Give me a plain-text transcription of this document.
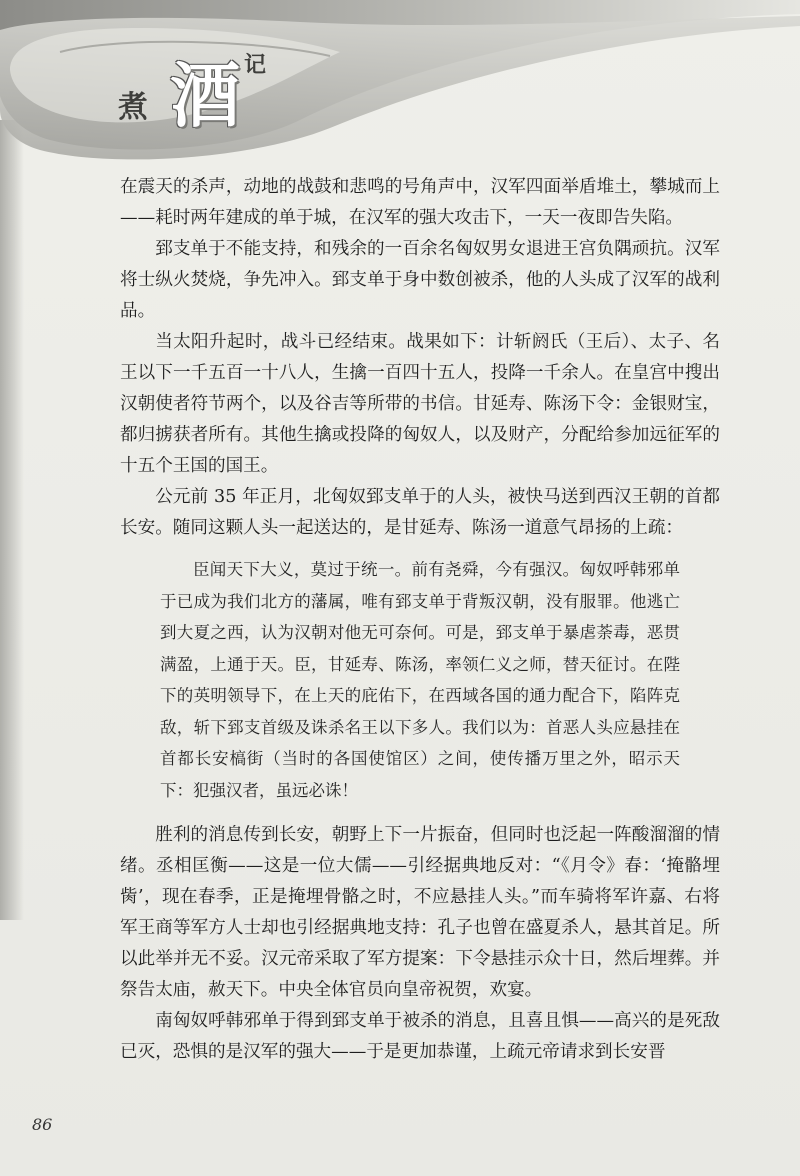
煮 酒 记

在震天的杀声，动地的战鼓和悲鸣的号角声中，汉军四面举盾堆土，攀城而上——耗时两年建成的单于城，在汉军的强大攻击下，一天一夜即告失陷。

郅支单于不能支持，和残余的一百余名匈奴男女退进王宫负隅顽抗。汉军将士纵火焚烧，争先冲入。郅支单于身中数创被杀，他的人头成了汉军的战利品。

当太阳升起时，战斗已经结束。战果如下：计斩阏氏（王后）、太子、名王以下一千五百一十八人，生擒一百四十五人，投降一千余人。在皇宫中搜出汉朝使者符节两个，以及谷吉等所带的书信。甘延寿、陈汤下令：金银财宝，都归掳获者所有。其他生擒或投降的匈奴人，以及财产，分配给参加远征军的十五个王国的国王。

公元前 35 年正月，北匈奴郅支单于的人头，被快马送到西汉王朝的首都长安。随同这颗人头一起送达的，是甘延寿、陈汤一道意气昂扬的上疏：

臣闻天下大义，莫过于统一。前有尧舜，今有强汉。匈奴呼韩邪单于已成为我们北方的藩属，唯有郅支单于背叛汉朝，没有服罪。他逃亡到大夏之西，认为汉朝对他无可奈何。可是，郅支单于暴虐荼毒，恶贯满盈，上通于天。臣，甘延寿、陈汤，率领仁义之师，替天征讨。在陛下的英明领导下，在上天的庇佑下，在西域各国的通力配合下，陷阵克敌，斩下郅支首级及诛杀名王以下多人。我们以为：首恶人头应悬挂在首都长安槁街（当时的各国使馆区）之间，使传播万里之外，昭示天下：犯强汉者，虽远必诛！

胜利的消息传到长安，朝野上下一片振奋，但同时也泛起一阵酸溜溜的情绪。丞相匡衡——这是一位大儒——引经据典地反对：“《月令》春：‘掩骼埋胔’，现在春季，正是掩埋骨骼之时，不应悬挂人头。”而车骑将军许嘉、右将军王商等军方人士却也引经据典地支持：孔子也曾在盛夏杀人，悬其首足。所以此举并无不妥。汉元帝采取了军方提案：下令悬挂示众十日，然后埋葬。并祭告太庙，赦天下。中央全体官员向皇帝祝贺，欢宴。

南匈奴呼韩邪单于得到郅支单于被杀的消息，且喜且惧——高兴的是死敌已灭，恐惧的是汉军的强大——于是更加恭谨，上疏元帝请求到长安晋

86
